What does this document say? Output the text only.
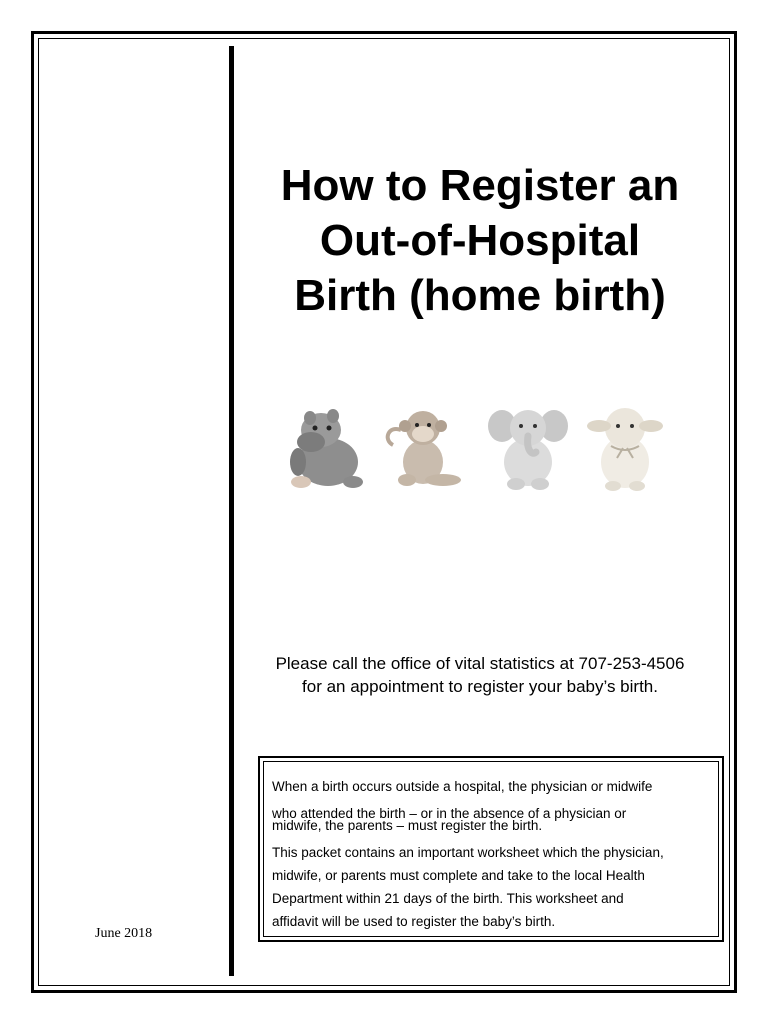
How to Register an
Out-of-Hospital
Birth (home birth)
Please call the office of vital statistics at 707-253-4506
for an appointment to register your baby’s birth.
When a birth occurs outside a hospital, the physician or midwife
who attended the birth – or in the absence of a physician or
midwife, the parents – must register the birth.
This packet contains an important worksheet which the physician,
midwife, or parents must complete and take to the local Health
Department within 21 days of the birth. This worksheet and
affidavit will be used to register the baby’s birth.
June 2018
